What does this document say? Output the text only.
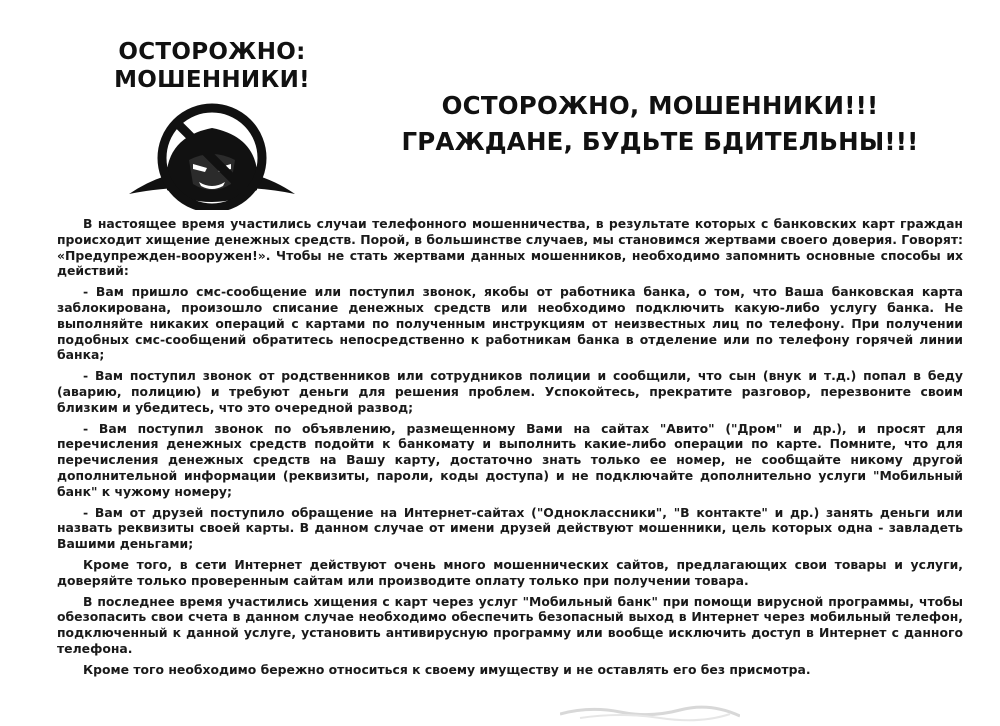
ОСТОРОЖНО:
МОШЕННИКИ!
ОСТОРОЖНО, МОШЕННИКИ!!!
ГРАЖДАНЕ, БУДЬТЕ БДИТЕЛЬНЫ!!!

В настоящее время участились случаи телефонного мошенничества, в результате которых с банковских карт граждан происходит хищение денежных средств. Порой, в большинстве случаев, мы становимся жертвами своего доверия. Говорят: «Предупрежден-вооружен!». Чтобы не стать жертвами данных мошенников, необходимо запомнить основные способы их действий:

- Вам пришло смс-сообщение или поступил звонок, якобы от работника банка, о том, что Ваша банковская карта заблокирована, произошло списание денежных средств или необходимо подключить какую-либо услугу банка. Не выполняйте никаких операций с картами по полученным инструкциям от неизвестных лиц по телефону. При получении подобных смс-сообщений обратитесь непосредственно к работникам банка в отделение или по телефону горячей линии банка;

- Вам поступил звонок от родственников или сотрудников полиции и сообщили, что сын (внук и т.д.) попал в беду (аварию, полицию) и требуют деньги для решения проблем. Успокойтесь, прекратите разговор, перезвоните своим близким и убедитесь, что это очередной развод;

- Вам поступил звонок по объявлению, размещенному Вами на сайтах "Авито" ("Дром" и др.), и просят для перечисления денежных средств подойти к банкомату и выполнить какие-либо операции по карте. Помните, что для перечисления денежных средств на Вашу карту, достаточно знать только ее номер, не сообщайте никому другой дополнительной информации (реквизиты, пароли, коды доступа) и не подключайте дополнительно услуги "Мобильный банк" к чужому номеру;

- Вам от друзей поступило обращение на Интернет-сайтах ("Одноклассники", "В контакте" и др.) занять деньги или назвать реквизиты своей карты. В данном случае от имени друзей действуют мошенники, цель которых одна - завладеть Вашими деньгами;

Кроме того, в сети Интернет действуют очень много мошеннических сайтов, предлагающих свои товары и услуги, доверяйте только проверенным сайтам или производите оплату только при получении товара.

В последнее время участились хищения с карт через услуг "Мобильный банк" при помощи вирусной программы, чтобы обезопасить свои счета в данном случае необходимо обеспечить безопасный выход в Интернет через мобильный телефон, подключенный к данной услуге, установить антивирусную программу или вообще исключить доступ в Интернет с данного телефона.

Кроме того необходимо бережно относиться к своему имуществу и не оставлять его без присмотра.
